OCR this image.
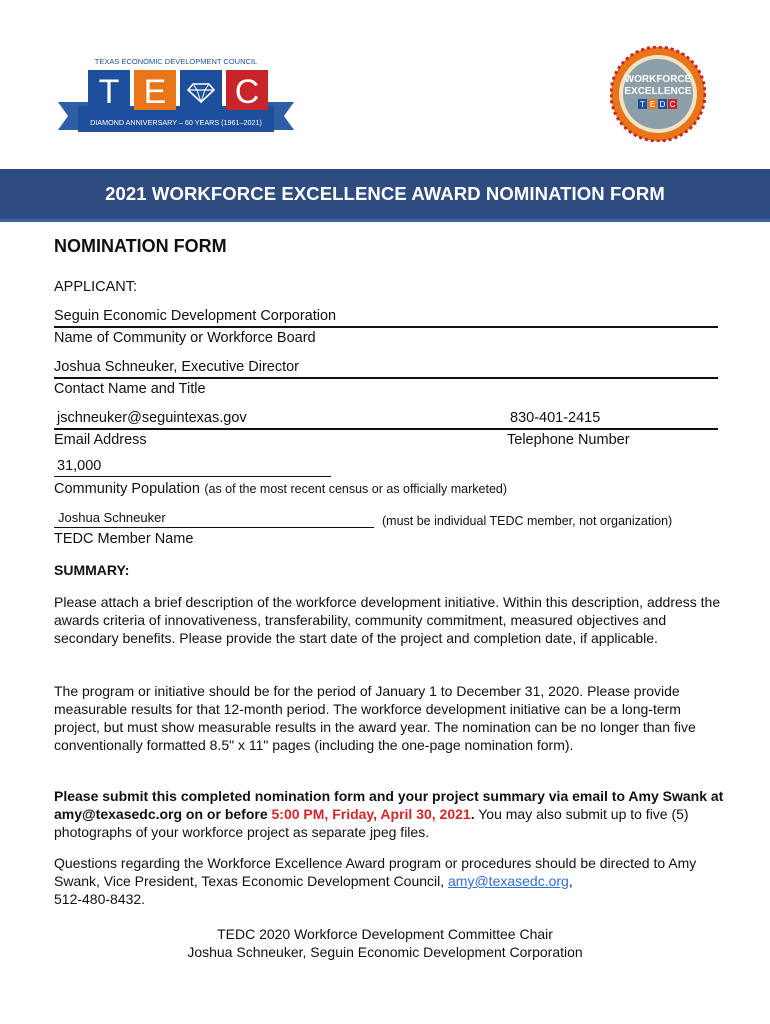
TEXAS ECONOMIC DEVELOPMENT COUNCIL
T E C
DIAMOND ANNIVERSARY – 60 YEARS (1961–2021)
WORKFORCE
EXCELLENCE
T E D C
2021 WORKFORCE EXCELLENCE AWARD NOMINATION FORM
NOMINATION FORM
APPLICANT:
Seguin Economic Development Corporation
Name of Community or Workforce Board
Joshua Schneuker, Executive Director
Contact Name and Title
jschneuker@seguintexas.gov	830-401-2415
Email Address	Telephone Number
31,000
Community Population (as of the most recent census or as officially marketed)
Joshua Schneuker	(must be individual TEDC member, not organization)
TEDC Member Name
SUMMARY:
Please attach a brief description of the workforce development initiative. Within this description, address the awards criteria of innovativeness, transferability, community commitment, measured objectives and secondary benefits. Please provide the start date of the project and completion date, if applicable.
The program or initiative should be for the period of January 1 to December 31, 2020. Please provide measurable results for that 12-month period. The workforce development initiative can be a long-term project, but must show measurable results in the award year. The nomination can be no longer than five conventionally formatted 8.5" x 11" pages (including the one-page nomination form).
Please submit this completed nomination form and your project summary via email to Amy Swank at amy@texasedc.org on or before 5:00 PM, Friday, April 30, 2021. You may also submit up to five (5) photographs of your workforce project as separate jpeg files.
Questions regarding the Workforce Excellence Award program or procedures should be directed to Amy Swank, Vice President, Texas Economic Development Council, amy@texasedc.org,
512-480-8432.
TEDC 2020 Workforce Development Committee Chair
Joshua Schneuker, Seguin Economic Development Corporation
